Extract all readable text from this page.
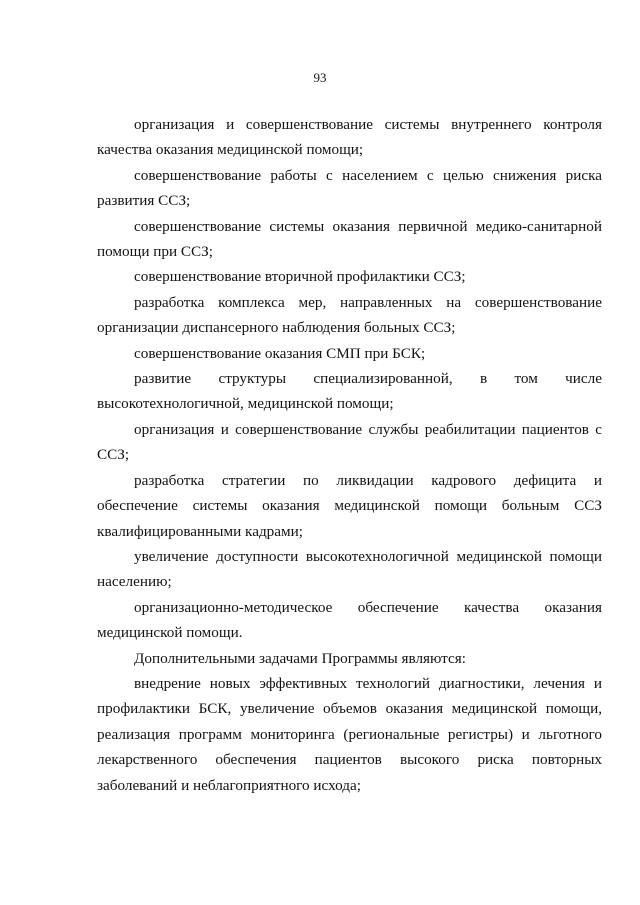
93

организация и совершенствование системы внутреннего контроля качества оказания медицинской помощи;

совершенствование работы с населением с целью снижения риска развития ССЗ;

совершенствование системы оказания первичной медико-санитарной помощи при ССЗ;

совершенствование вторичной профилактики ССЗ;

разработка комплекса мер, направленных на совершенствование организации диспансерного наблюдения больных ССЗ;

совершенствование оказания СМП при БСК;

развитие структуры специализированной, в том числе высокотехнологичной, медицинской помощи;

организация и совершенствование службы реабилитации пациентов с ССЗ;

разработка стратегии по ликвидации кадрового дефицита и обеспечение системы оказания медицинской помощи больным ССЗ квалифицированными кадрами;

увеличение доступности высокотехнологичной медицинской помощи населению;

организационно-методическое обеспечение качества оказания медицинской помощи.

Дополнительными задачами Программы являются:

внедрение новых эффективных технологий диагностики, лечения и профилактики БСК, увеличение объемов оказания медицинской помощи, реализация программ мониторинга (региональные регистры) и льготного лекарственного обеспечения пациентов высокого риска повторных заболеваний и неблагоприятного исхода;
